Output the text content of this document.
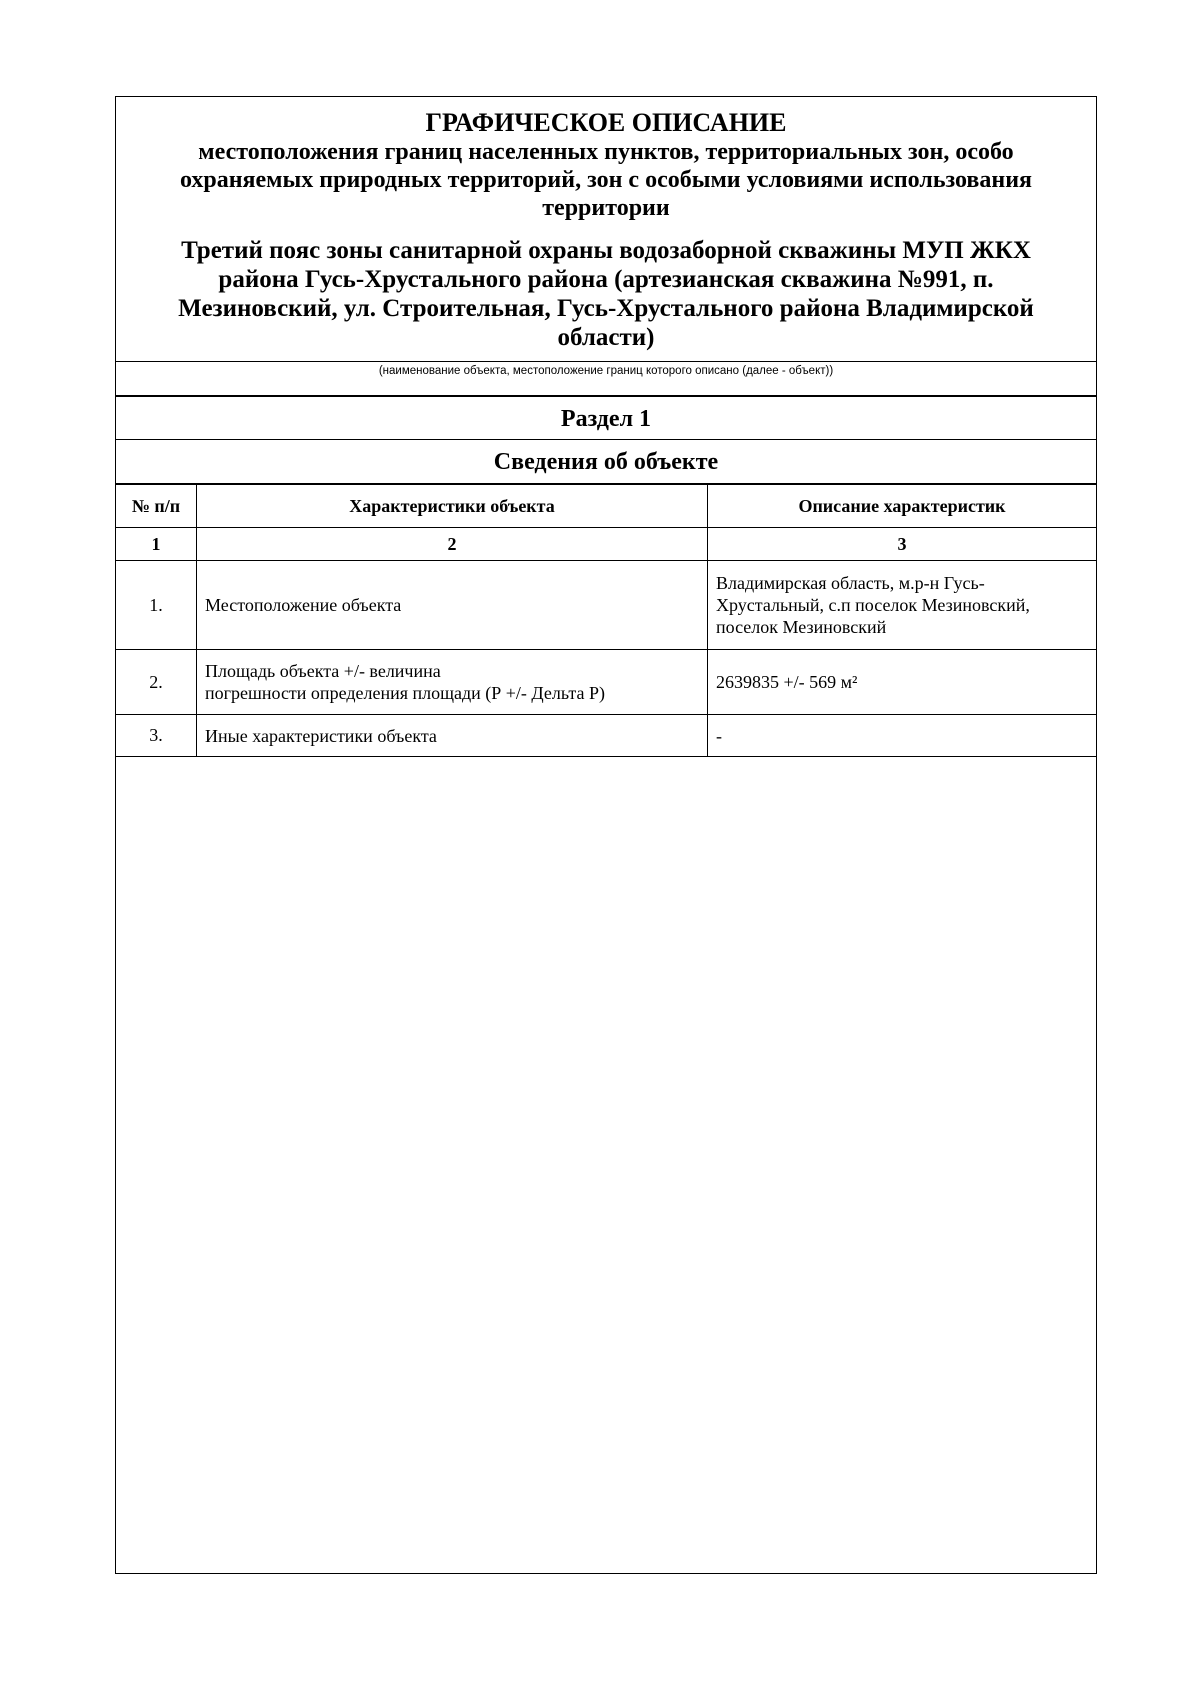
ГРАФИЧЕСКОЕ ОПИСАНИЕ
местоположения границ населенных пунктов, территориальных зон, особо
охраняемых природных территорий, зон с особыми условиями использования
территории
Третий пояс зоны санитарной охраны водозаборной скважины МУП ЖКХ
района Гусь-Хрустального района (артезианская скважина №991, п.
Мезиновский, ул. Строительная, Гусь-Хрустального района Владимирской
области)
(наименование объекта, местоположение границ которого описано (далее - объект))
Раздел 1
Сведения об объекте
№ п/п	Характеристики объекта	Описание характеристик
1	2	3
1.	Местоположение объекта	Владимирская область, м.р-н Гусь-
Хрустальный, с.п поселок Мезиновский,
поселок Мезиновский

2.	Площадь объекта +/- величина
погрешности определения площади (Р +/- Дельта Р)	2639835 +/- 569 м²

3.	Иные характеристики объекта	-
